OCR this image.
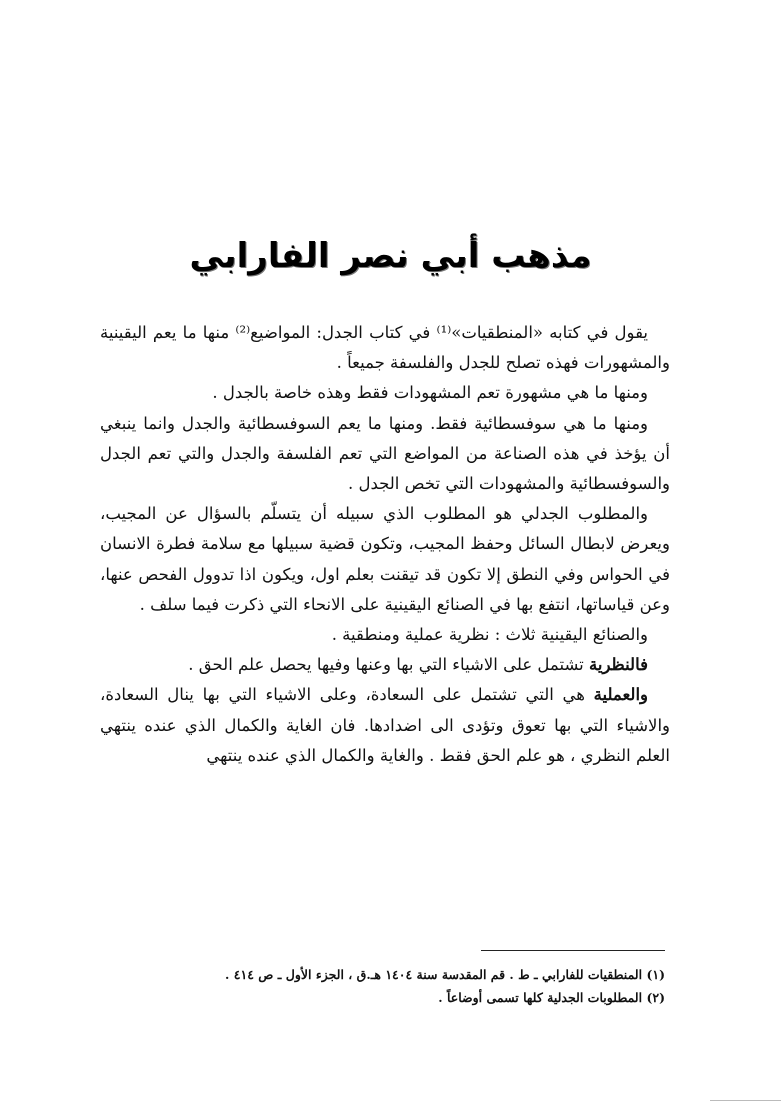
مذهب أبي نصر الفارابي

يقول في كتابه «المنطقيات»⁽¹⁾ في كتاب الجدل: المواضيع⁽²⁾ منها ما يعم اليقينية والمشهورات فهذه تصلح للجدل والفلسفة جميعاً .

ومنها ما هي مشهورة تعم المشهودات فقط وهذه خاصة بالجدل .

ومنها ما هي سوفسطائية فقط. ومنها ما يعم السوفسطائية والجدل وانما ينبغي أن يؤخذ في هذه الصناعة من المواضع التي تعم الفلسفة والجدل والتي تعم الجدل والسوفسطائية والمشهودات التي تخص الجدل .

والمطلوب الجدلي هو المطلوب الذي سبيله أن يتسلّم بالسؤال عن المجيب، ويعرض لابطال السائل وحفظ المجيب، وتكون قضية سبيلها مع سلامة فطرة الانسان في الحواس وفي النطق إلا تكون قد تيقنت بعلم اول، ويكون اذا تدوول الفحص عنها، وعن قياساتها، انتفع بها في الصنائع اليقينية على الانحاء التي ذكرت فيما سلف .

والصنائع اليقينية ثلاث : نظرية عملية ومنطقية .

فالنظرية تشتمل على الاشياء التي بها وعنها وفيها يحصل علم الحق .

والعملية هي التي تشتمل على السعادة، وعلى الاشياء التي بها ينال السعادة، والاشياء التي بها تعوق وتؤدى الى اضدادها. فان الغاية والكمال الذي عنده ينتهي العلم النظري ، هو علم الحق فقط . والغاية والكمال الذي عنده ينتهي

(١) المنطقيات للفارابي ـ ط . قم المقدسة سنة ١٤٠٤ هـ.ق ، الجزء الأول ـ ص ٤١٤ .
(٢) المطلوبات الجدلية كلها تسمى أوضاعاً .
